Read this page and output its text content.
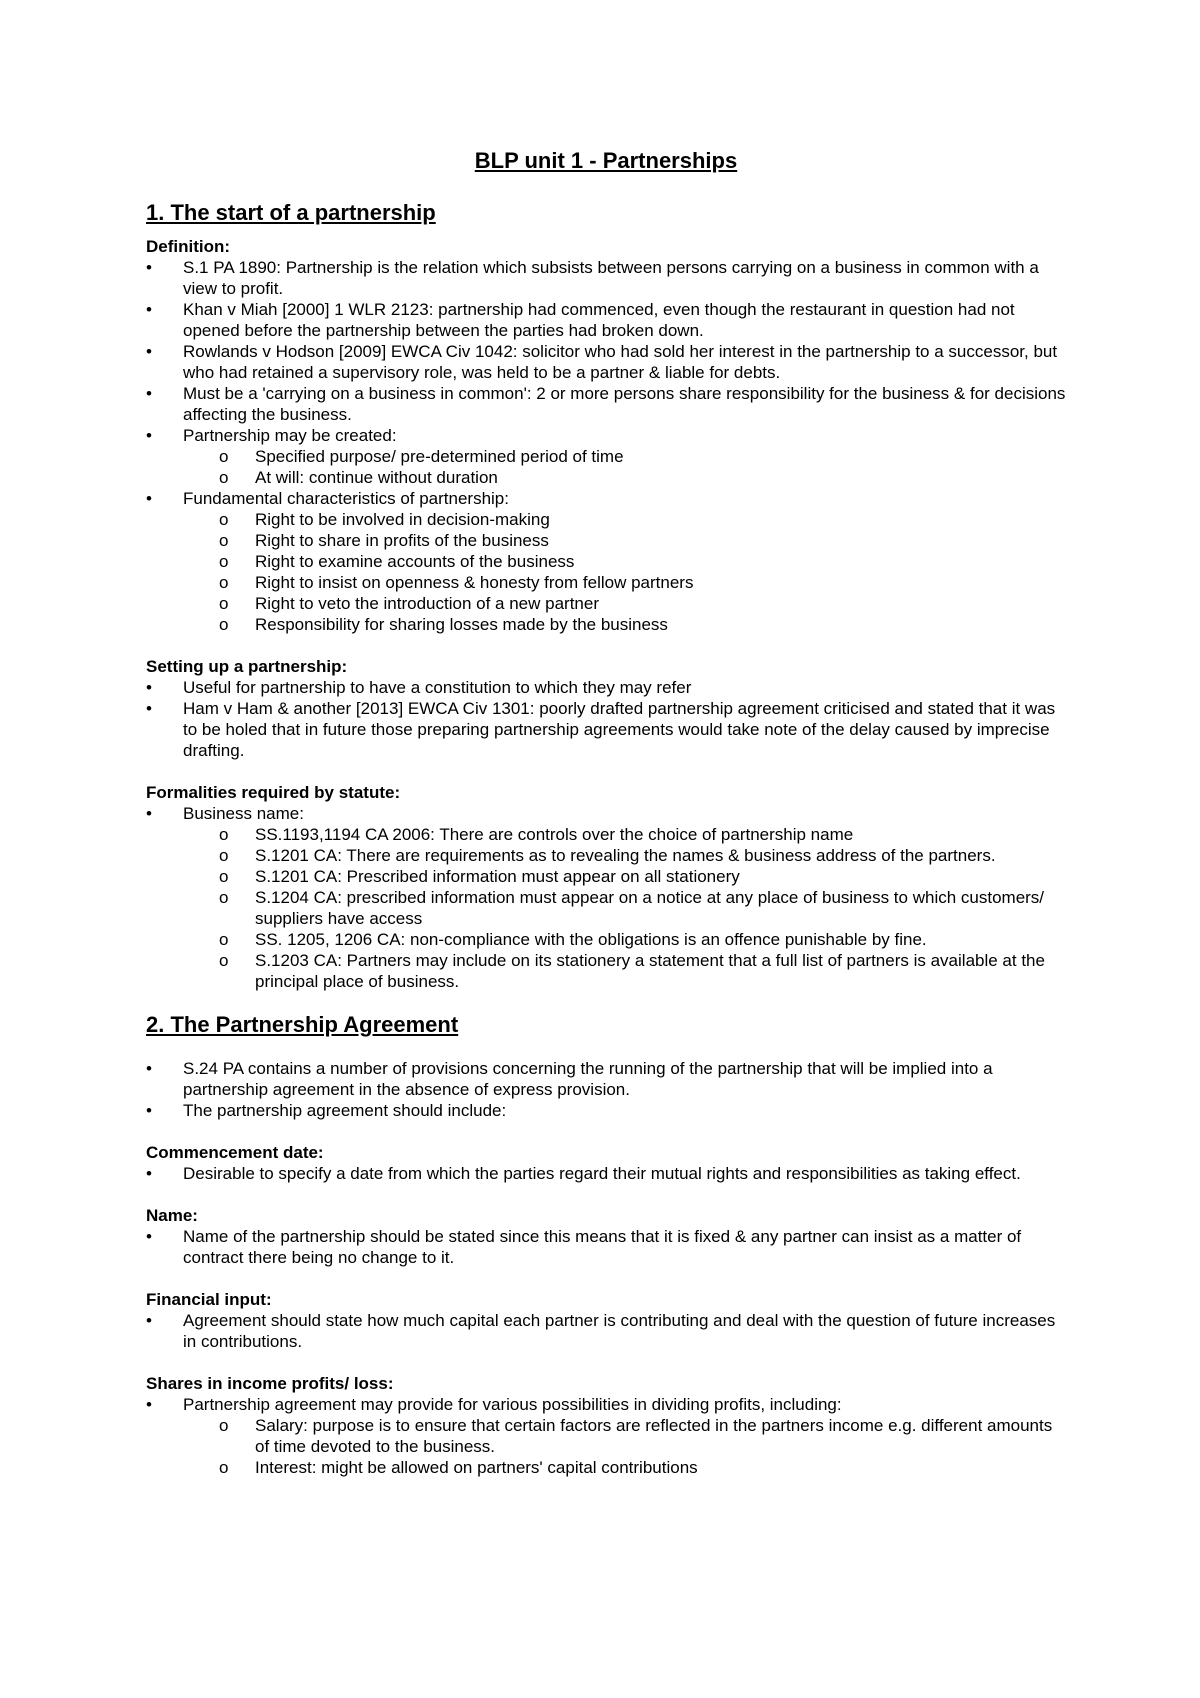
BLP unit 1 - Partnerships
1. The start of a partnership

Definition:

• S.1 PA 1890: Partnership is the relation which subsists between persons carrying on a business in common with a view to profit.
• Khan v Miah [2000] 1 WLR 2123: partnership had commenced, even though the restaurant in question had not opened before the partnership between the parties had broken down.
• Rowlands v Hodson [2009] EWCA Civ 1042: solicitor who had sold her interest in the partnership to a successor, but who had retained a supervisory role, was held to be a partner & liable for debts.
• Must be a 'carrying on a business in common': 2 or more persons share responsibility for the business & for decisions affecting the business.
• Partnership may be created:
o Specified purpose/ pre-determined period of time
o At will: continue without duration
• Fundamental characteristics of partnership:
o Right to be involved in decision-making
o Right to share in profits of the business
o Right to examine accounts of the business
o Right to insist on openness & honesty from fellow partners
o Right to veto the introduction of a new partner
o Responsibility for sharing losses made by the business

Setting up a partnership:

• Useful for partnership to have a constitution to which they may refer
• Ham v Ham & another [2013] EWCA Civ 1301: poorly drafted partnership agreement criticised and stated that it was to be holed that in future those preparing partnership agreements would take note of the delay caused by imprecise drafting.

Formalities required by statute:

• Business name:
o SS.1193,1194 CA 2006: There are controls over the choice of partnership name
o S.1201 CA: There are requirements as to revealing the names & business address of the partners.
o S.1201 CA: Prescribed information must appear on all stationery
o S.1204 CA: prescribed information must appear on a notice at any place of business to which customers/ suppliers have access
o SS. 1205, 1206 CA: non-compliance with the obligations is an offence punishable by fine.
o S.1203 CA: Partners may include on its stationery a statement that a full list of partners is available at the principal place of business.
2. The Partnership Agreement
• S.24 PA contains a number of provisions concerning the running of the partnership that will be implied into a partnership agreement in the absence of express provision.
• The partnership agreement should include:

Commencement date:

• Desirable to specify a date from which the parties regard their mutual rights and responsibilities as taking effect.

Name:

• Name of the partnership should be stated since this means that it is fixed & any partner can insist as a matter of contract there being no change to it.

Financial input:

• Agreement should state how much capital each partner is contributing and deal with the question of future increases in contributions.

Shares in income profits/ loss:

• Partnership agreement may provide for various possibilities in dividing profits, including:
o Salary: purpose is to ensure that certain factors are reflected in the partners income e.g. different amounts of time devoted to the business.
o Interest: might be allowed on partners' capital contributions
